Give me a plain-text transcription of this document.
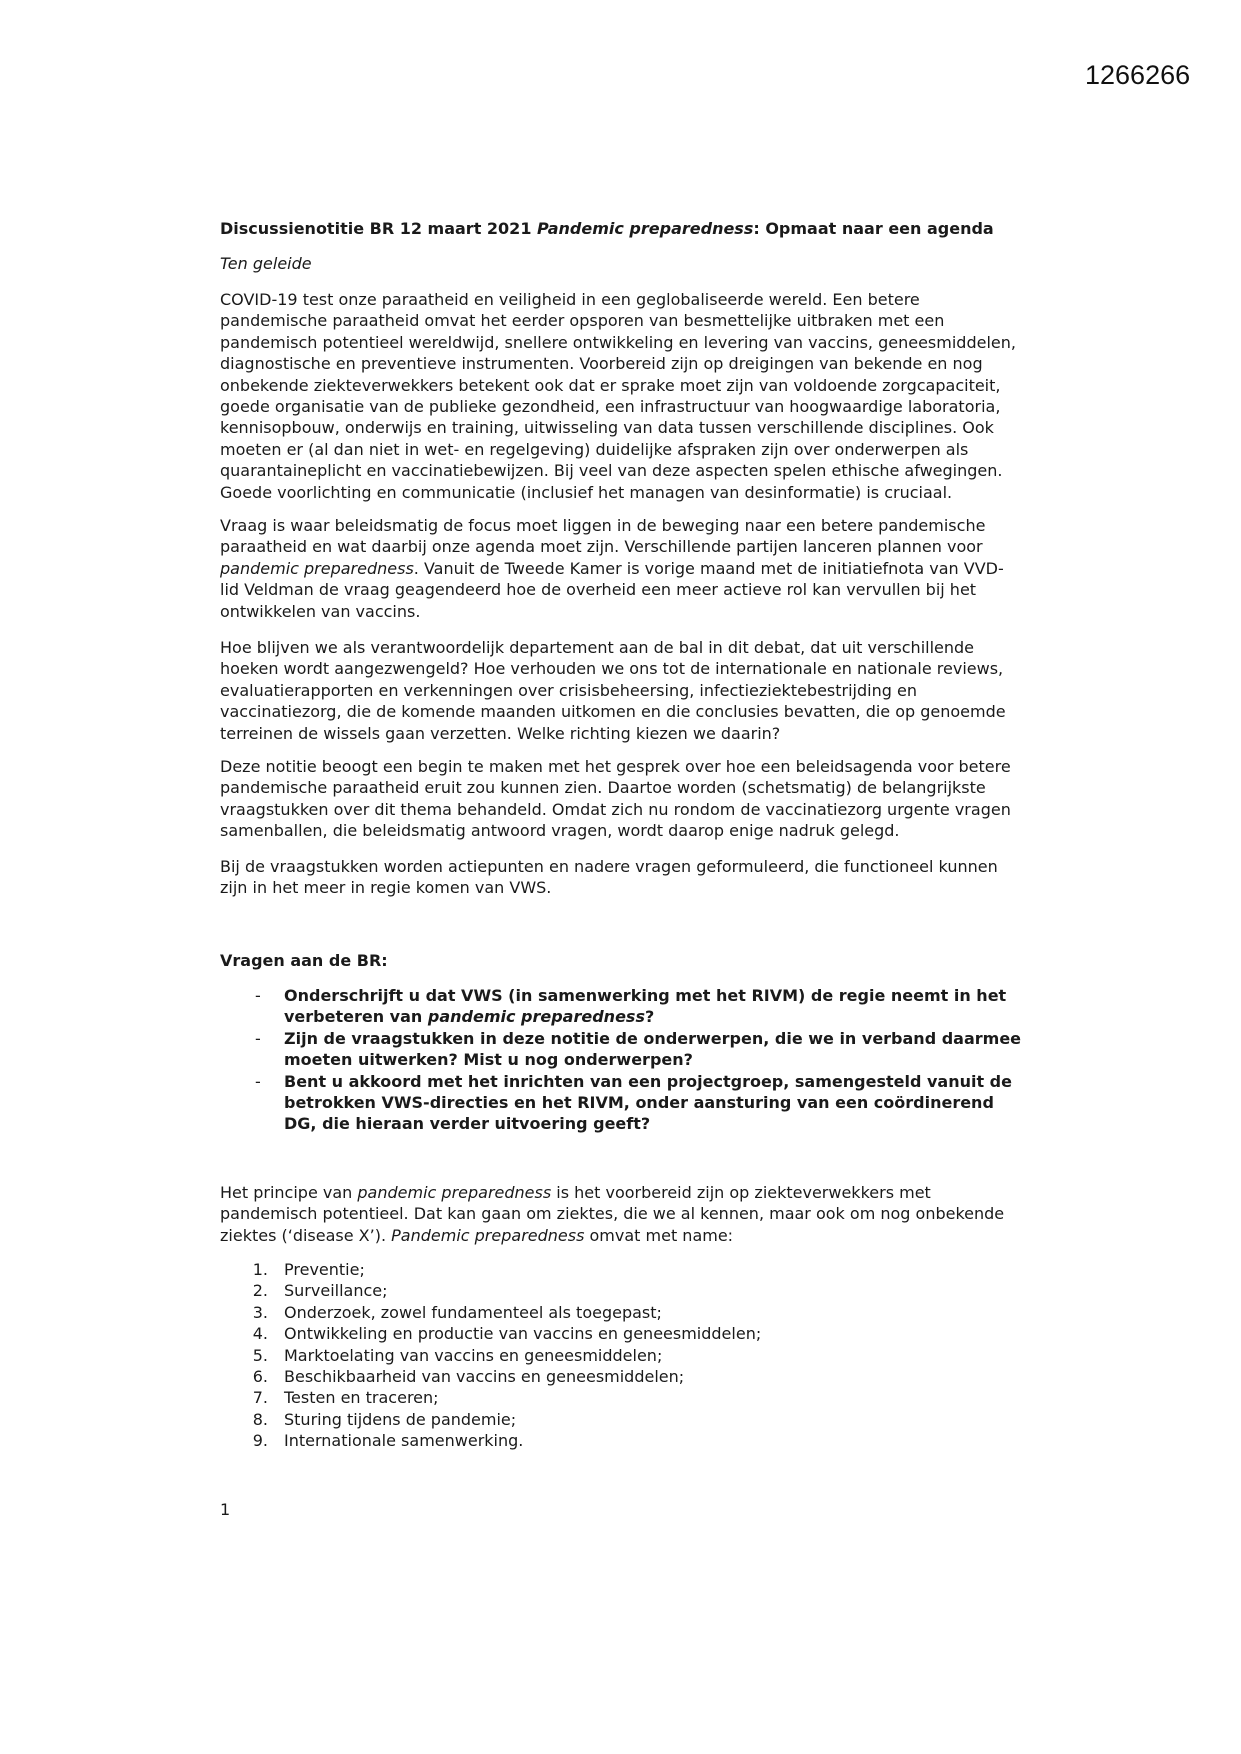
1266266
Discussienotitie BR 12 maart 2021 Pandemic preparedness: Opmaat naar een agenda
Ten geleide
COVID-19 test onze paraatheid en veiligheid in een geglobaliseerde wereld. Een betere
pandemische paraatheid omvat het eerder opsporen van besmettelijke uitbraken met een
pandemisch potentieel wereldwijd, snellere ontwikkeling en levering van vaccins, geneesmiddelen,
diagnostische en preventieve instrumenten. Voorbereid zijn op dreigingen van bekende en nog
onbekende ziekteverwekkers betekent ook dat er sprake moet zijn van voldoende zorgcapaciteit,
goede organisatie van de publieke gezondheid, een infrastructuur van hoogwaardige laboratoria,
kennisopbouw, onderwijs en training, uitwisseling van data tussen verschillende disciplines. Ook
moeten er (al dan niet in wet- en regelgeving) duidelijke afspraken zijn over onderwerpen als
quarantaineplicht en vaccinatiebewijzen. Bij veel van deze aspecten spelen ethische afwegingen.
Goede voorlichting en communicatie (inclusief het managen van desinformatie) is cruciaal.
Vraag is waar beleidsmatig de focus moet liggen in de beweging naar een betere pandemische
paraatheid en wat daarbij onze agenda moet zijn. Verschillende partijen lanceren plannen voor
pandemic preparedness. Vanuit de Tweede Kamer is vorige maand met de initiatiefnota van VVD-
lid Veldman de vraag geagendeerd hoe de overheid een meer actieve rol kan vervullen bij het
ontwikkelen van vaccins.
Hoe blijven we als verantwoordelijk departement aan de bal in dit debat, dat uit verschillende
hoeken wordt aangezwengeld? Hoe verhouden we ons tot de internationale en nationale reviews,
evaluatierapporten en verkenningen over crisisbeheersing, infectieziektebestrijding en
vaccinatiezorg, die de komende maanden uitkomen en die conclusies bevatten, die op genoemde
terreinen de wissels gaan verzetten. Welke richting kiezen we daarin?
Deze notitie beoogt een begin te maken met het gesprek over hoe een beleidsagenda voor betere
pandemische paraatheid eruit zou kunnen zien. Daartoe worden (schetsmatig) de belangrijkste
vraagstukken over dit thema behandeld. Omdat zich nu rondom de vaccinatiezorg urgente vragen
samenballen, die beleidsmatig antwoord vragen, wordt daarop enige nadruk gelegd.
Bij de vraagstukken worden actiepunten en nadere vragen geformuleerd, die functioneel kunnen
zijn in het meer in regie komen van VWS.
Vragen aan de BR:
- Onderschrijft u dat VWS (in samenwerking met het RIVM) de regie neemt in het
verbeteren van pandemic preparedness?
- Zijn de vraagstukken in deze notitie de onderwerpen, die we in verband daarmee
moeten uitwerken? Mist u nog onderwerpen?
- Bent u akkoord met het inrichten van een projectgroep, samengesteld vanuit de
betrokken VWS-directies en het RIVM, onder aansturing van een coördinerend
DG, die hieraan verder uitvoering geeft?
Het principe van pandemic preparedness is het voorbereid zijn op ziekteverwekkers met
pandemisch potentieel. Dat kan gaan om ziektes, die we al kennen, maar ook om nog onbekende
ziektes (‘disease X’). Pandemic preparedness omvat met name:
1. Preventie;
2. Surveillance;
3. Onderzoek, zowel fundamenteel als toegepast;
4. Ontwikkeling en productie van vaccins en geneesmiddelen;
5. Marktoelating van vaccins en geneesmiddelen;
6. Beschikbaarheid van vaccins en geneesmiddelen;
7. Testen en traceren;
8. Sturing tijdens de pandemie;
9. Internationale samenwerking.
1
